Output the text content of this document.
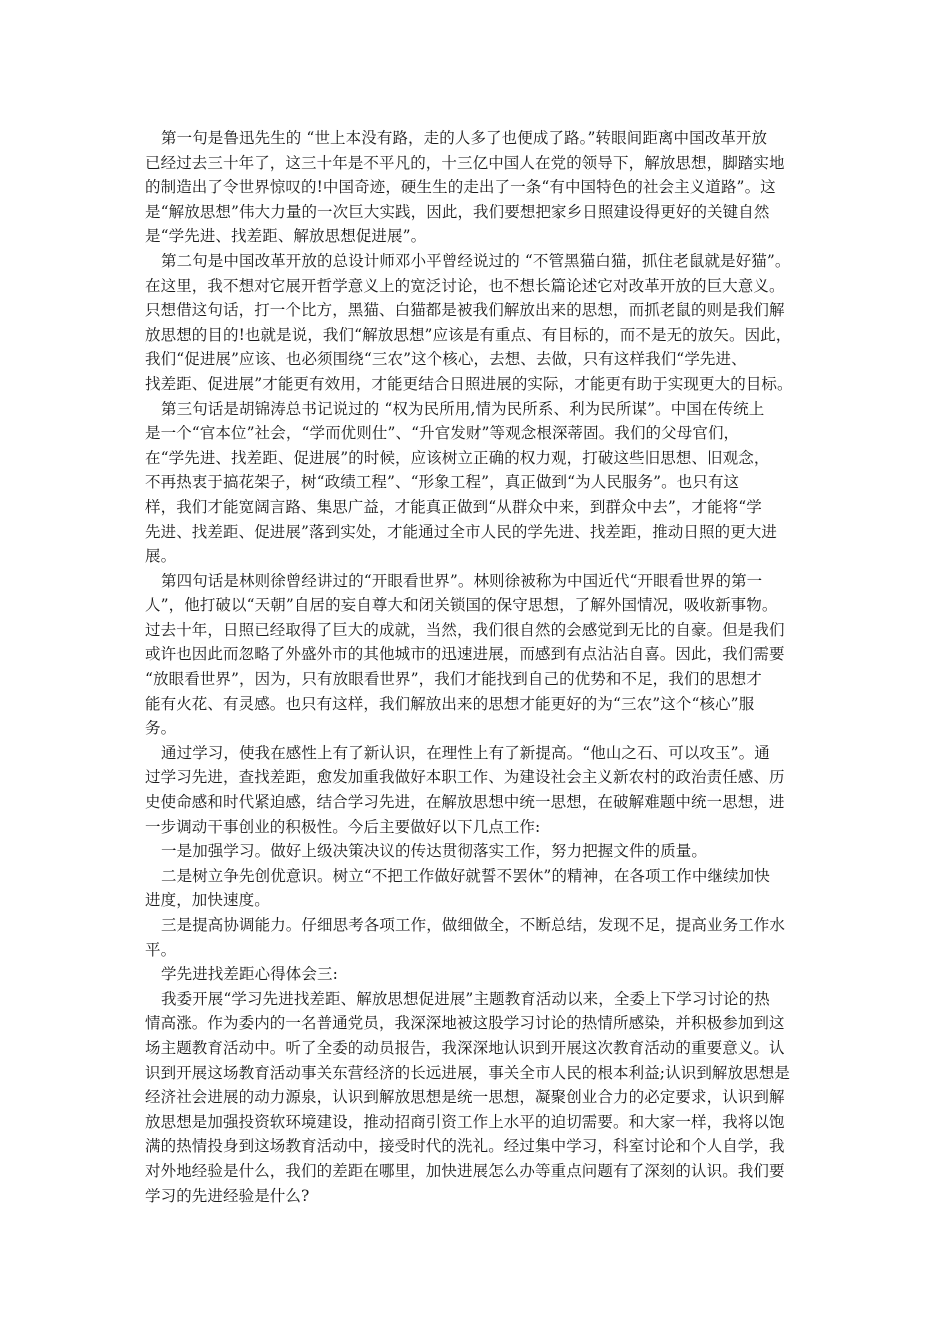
第一句是鲁迅先生的 “世上本没有路，走的人多了也便成了路。”转眼间距离中国改革开放
已经过去三十年了，这三十年是不平凡的，十三亿中国人在党的领导下，解放思想，脚踏实地
的制造出了令世界惊叹的!中国奇迹，硬生生的走出了一条“有中国特色的社会主义道路”。这
是“解放思想”伟大力量的一次巨大实践，因此，我们要想把家乡日照建设得更好的关键自然
是“学先进、找差距、解放思想促进展”。
第二句是中国改革开放的总设计师邓小平曾经说过的 “不管黑猫白猫，抓住老鼠就是好猫”。
在这里，我不想对它展开哲学意义上的宽泛讨论，也不想长篇论述它对改革开放的巨大意义。
只想借这句话，打一个比方，黑猫、白猫都是被我们解放出来的思想，而抓老鼠的则是我们解
放思想的目的!也就是说，我们“解放思想”应该是有重点、有目标的，而不是无的放矢。因此，
我们“促进展”应该、也必须围绕“三农”这个核心，去想、去做，只有这样我们“学先进、
找差距、促进展”才能更有效用，才能更结合日照进展的实际，才能更有助于实现更大的目标。
第三句话是胡锦涛总书记说过的 “权为民所用,情为民所系、利为民所谋”。中国在传统上
是一个“官本位”社会，“学而优则仕”、“升官发财”等观念根深蒂固。我们的父母官们，
在“学先进、找差距、促进展”的时候，应该树立正确的权力观，打破这些旧思想、旧观念，
不再热衷于搞花架子，树“政绩工程”、“形象工程”，真正做到“为人民服务”。也只有这
样，我们才能宽阔言路、集思广益，才能真正做到“从群众中来，到群众中去”，才能将“学
先进、找差距、促进展”落到实处，才能通过全市人民的学先进、找差距，推动日照的更大进
展。
第四句话是林则徐曾经讲过的“开眼看世界”。林则徐被称为中国近代“开眼看世界的第一
人”，他打破以“天朝”自居的妄自尊大和闭关锁国的保守思想，了解外国情况，吸收新事物。
过去十年，日照已经取得了巨大的成就，当然，我们很自然的会感觉到无比的自豪。但是我们
或许也因此而忽略了外盛外市的其他城市的迅速进展，而感到有点沾沾自喜。因此，我们需要
“放眼看世界”，因为，只有放眼看世界”，我们才能找到自己的优势和不足，我们的思想才
能有火花、有灵感。也只有这样，我们解放出来的思想才能更好的为“三农”这个“核心”服
务。
通过学习，使我在感性上有了新认识，在理性上有了新提高。“他山之石、可以攻玉”。通
过学习先进，查找差距，愈发加重我做好本职工作、为建设社会主义新农村的政治责任感、历
史使命感和时代紧迫感，结合学习先进，在解放思想中统一思想，在破解难题中统一思想，进
一步调动干事创业的积极性。今后主要做好以下几点工作:
一是加强学习。做好上级决策决议的传达贯彻落实工作，努力把握文件的质量。
二是树立争先创优意识。树立“不把工作做好就誓不罢休”的精神，在各项工作中继续加快
进度，加快速度。
三是提高协调能力。仔细思考各项工作，做细做全，不断总结，发现不足，提高业务工作水
平。
学先进找差距心得体会三:
我委开展“学习先进找差距、解放思想促进展”主题教育活动以来，全委上下学习讨论的热
情高涨。作为委内的一名普通党员，我深深地被这股学习讨论的热情所感染，并积极参加到这
场主题教育活动中。听了全委的动员报告，我深深地认识到开展这次教育活动的重要意义。认
识到开展这场教育活动事关东营经济的长远进展，事关全市人民的根本利益;认识到解放思想是
经济社会进展的动力源泉，认识到解放思想是统一思想，凝聚创业合力的必定要求，认识到解
放思想是加强投资软环境建设，推动招商引资工作上水平的迫切需要。和大家一样，我将以饱
满的热情投身到这场教育活动中，接受时代的洗礼。经过集中学习，科室讨论和个人自学，我
对外地经验是什么，我们的差距在哪里，加快进展怎么办等重点问题有了深刻的认识。我们要
学习的先进经验是什么?
